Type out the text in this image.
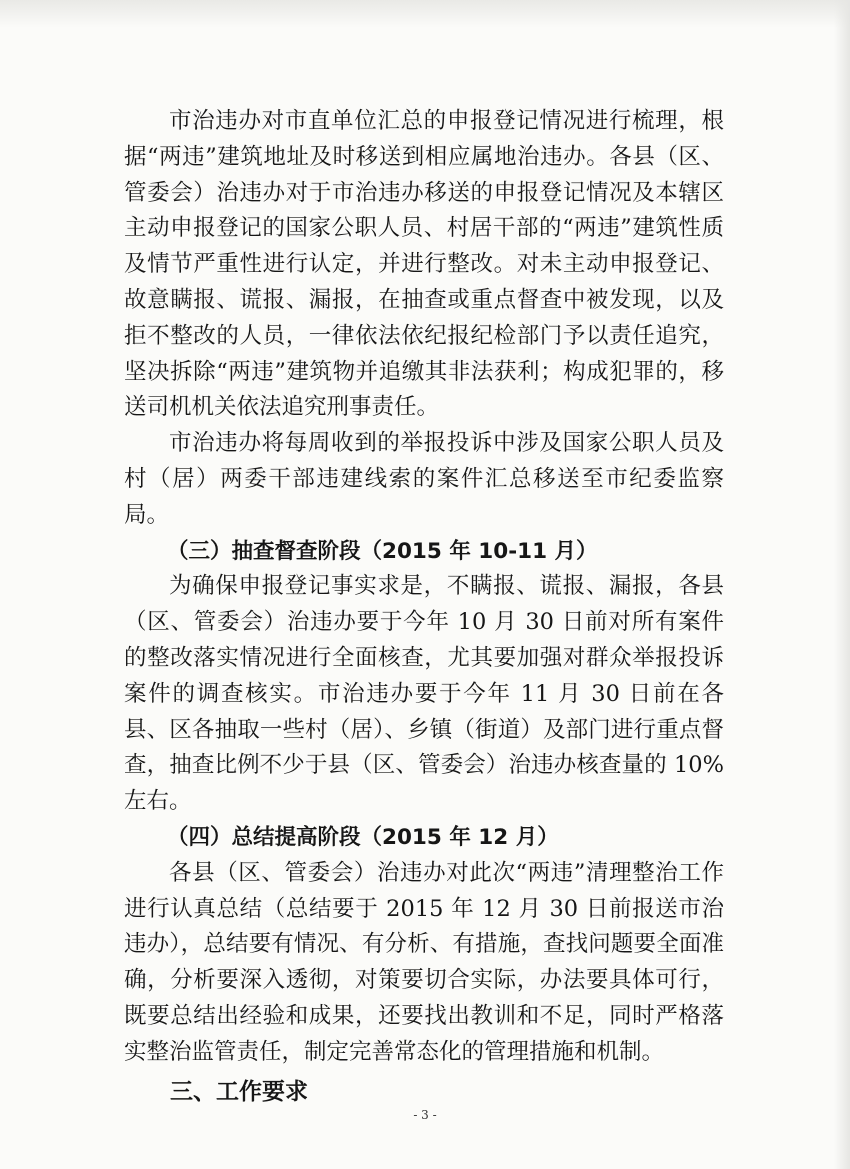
市治违办对市直单位汇总的申报登记情况进行梳理，根据“两违”建筑地址及时移送到相应属地治违办。各县（区、管委会）治违办对于市治违办移送的申报登记情况及本辖区主动申报登记的国家公职人员、村居干部的“两违”建筑性质及情节严重性进行认定，并进行整改。对未主动申报登记、故意瞒报、谎报、漏报，在抽查或重点督查中被发现，以及拒不整改的人员，一律依法依纪报纪检部门予以责任追究，坚决拆除“两违”建筑物并追缴其非法获利；构成犯罪的，移送司机机关依法追究刑事责任。

市治违办将每周收到的举报投诉中涉及国家公职人员及村（居）两委干部违建线索的案件汇总移送至市纪委监察局。

（三）抽查督查阶段（2015 年 10-11 月）

为确保申报登记事实求是，不瞒报、谎报、漏报，各县（区、管委会）治违办要于今年 10 月 30 日前对所有案件的整改落实情况进行全面核查，尤其要加强对群众举报投诉案件的调查核实。市治违办要于今年 11 月 30 日前在各县、区各抽取一些村（居）、乡镇（街道）及部门进行重点督查，抽查比例不少于县（区、管委会）治违办核查量的 10%左右。

（四）总结提高阶段（2015 年 12 月）

各县（区、管委会）治违办对此次“两违”清理整治工作进行认真总结（总结要于 2015 年 12 月 30 日前报送市治违办），总结要有情况、有分析、有措施，查找问题要全面准确，分析要深入透彻，对策要切合实际，办法要具体可行，既要总结出经验和成果，还要找出教训和不足，同时严格落实整治监管责任，制定完善常态化的管理措施和机制。

三、工作要求

- 3 -
